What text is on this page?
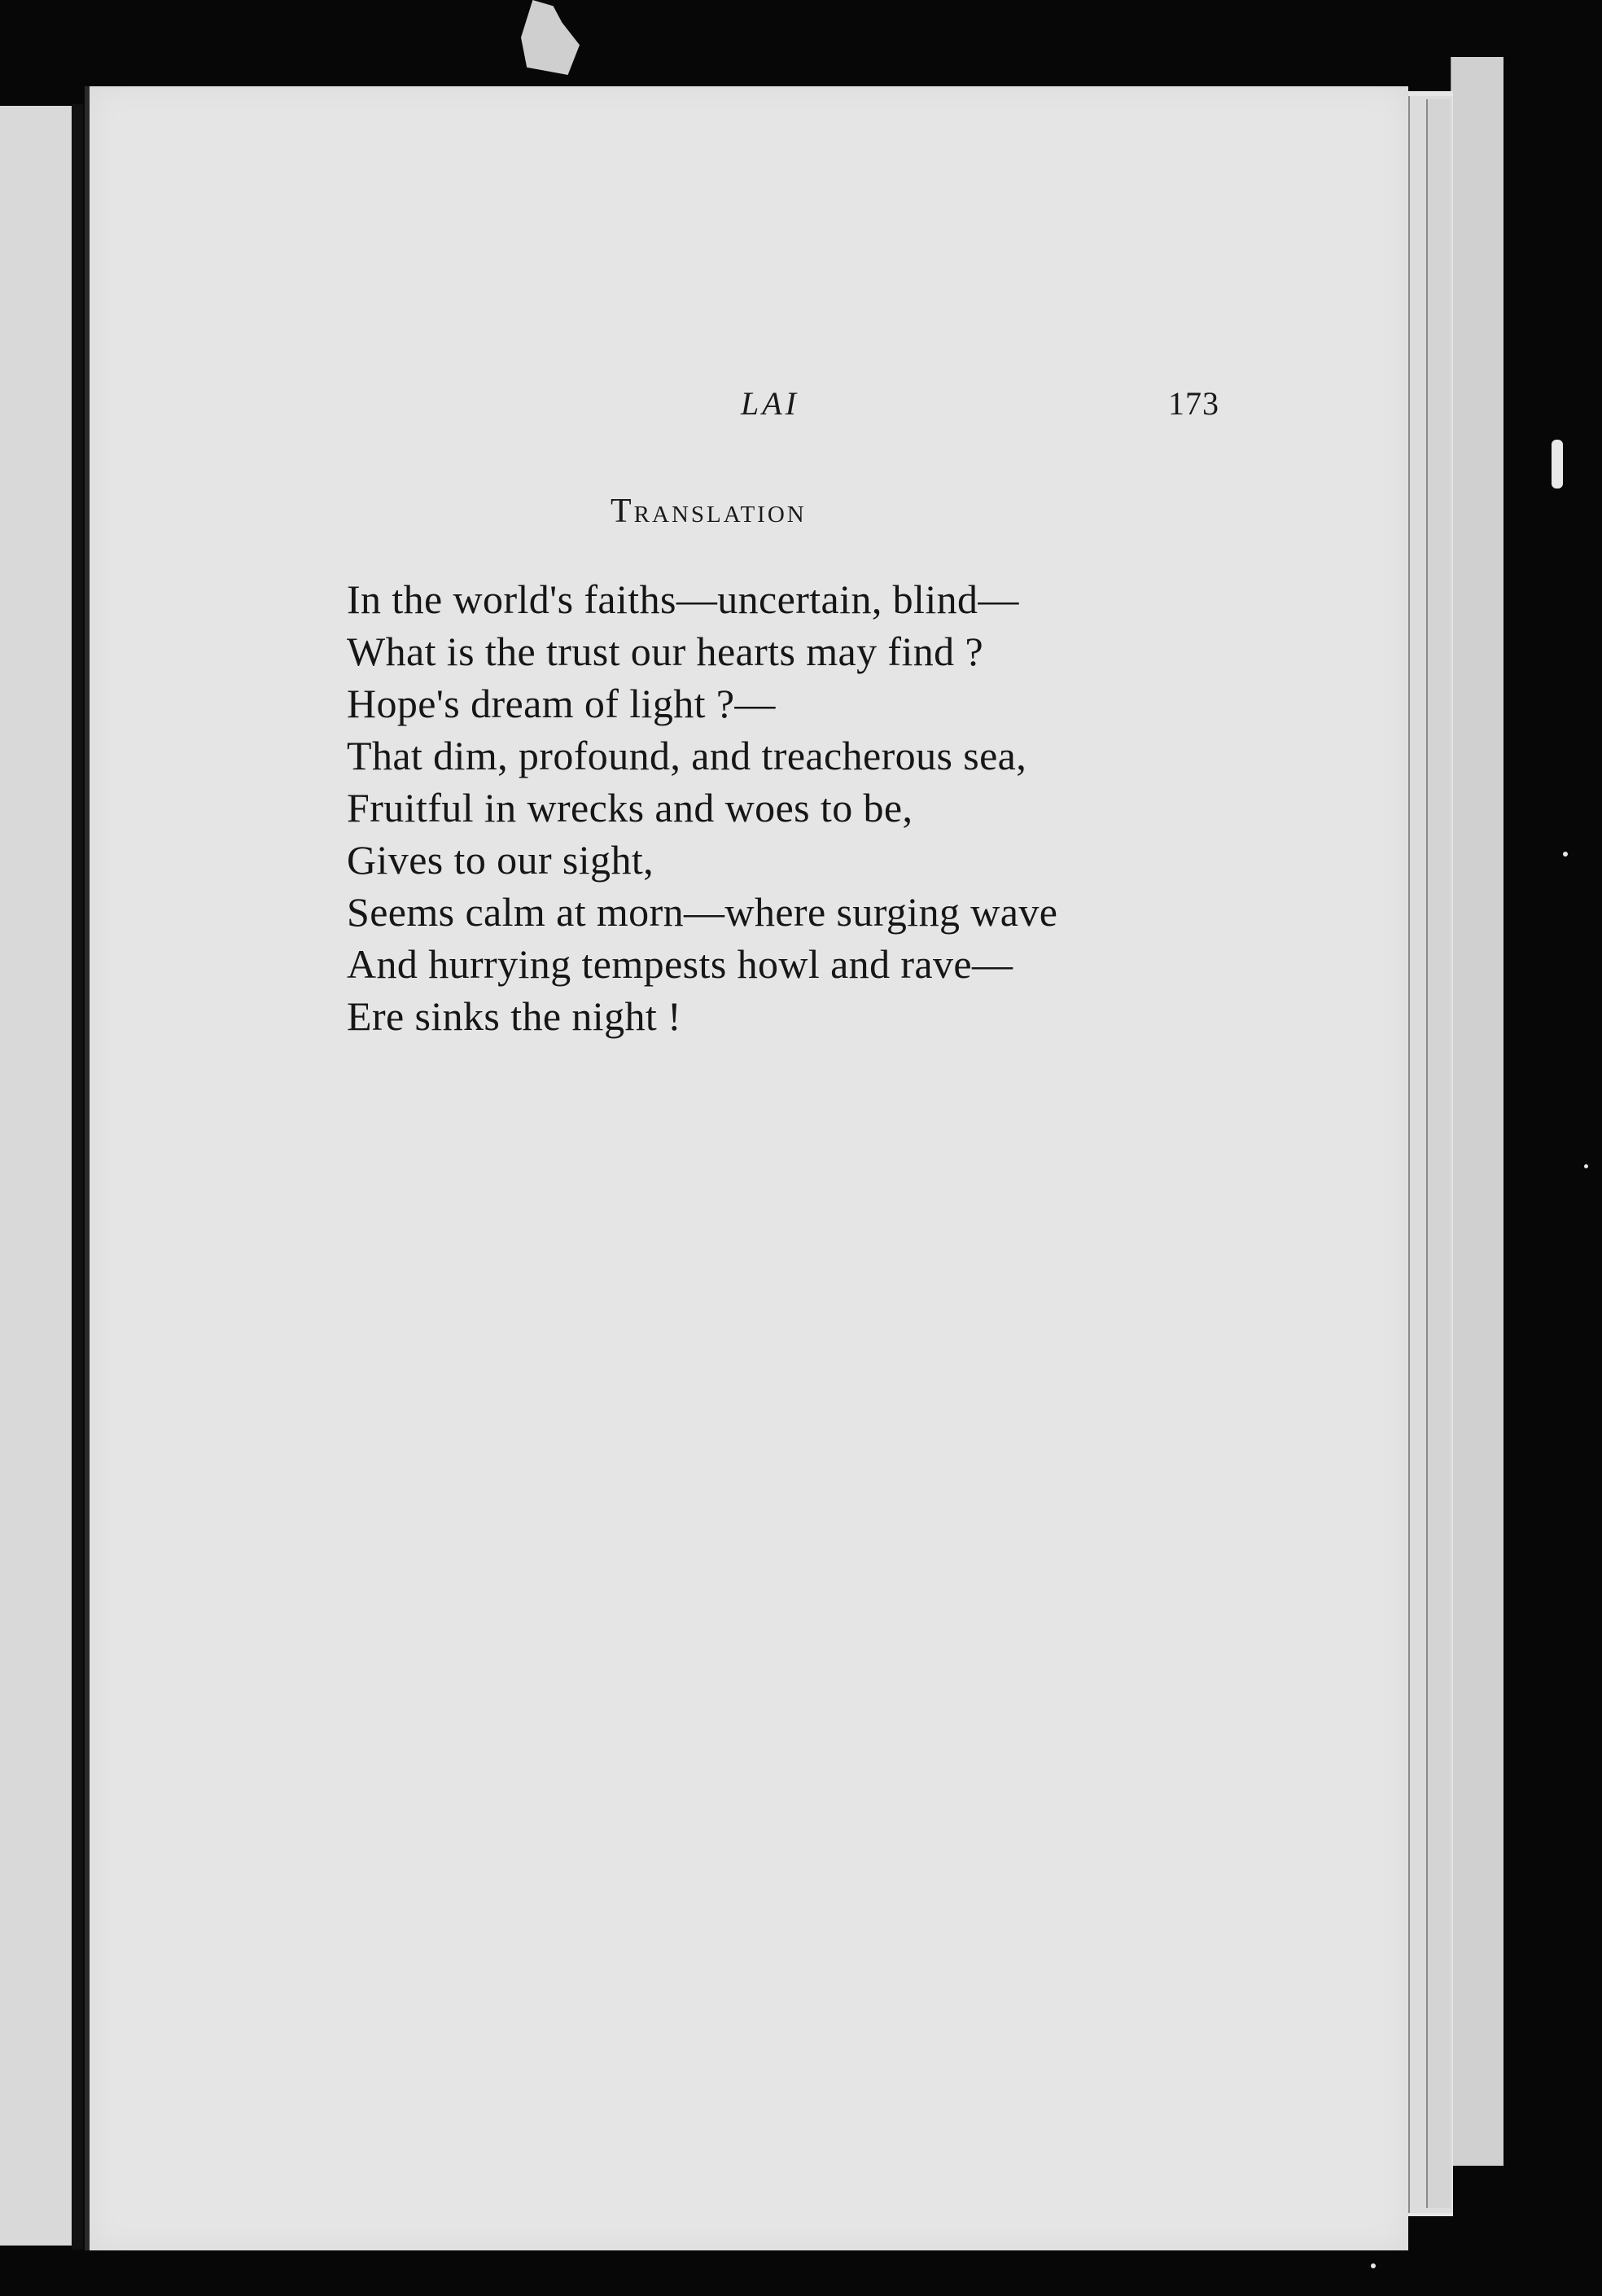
LAI	173
Translation
In the world's faiths—uncertain, blind—
What is the trust our hearts may find ?
Hope's dream of light ?—
That dim, profound, and treacherous sea,
Fruitful in wrecks and woes to be,
Gives to our sight,
Seems calm at morn—where surging wave
And hurrying tempests howl and rave—
Ere sinks the night !
